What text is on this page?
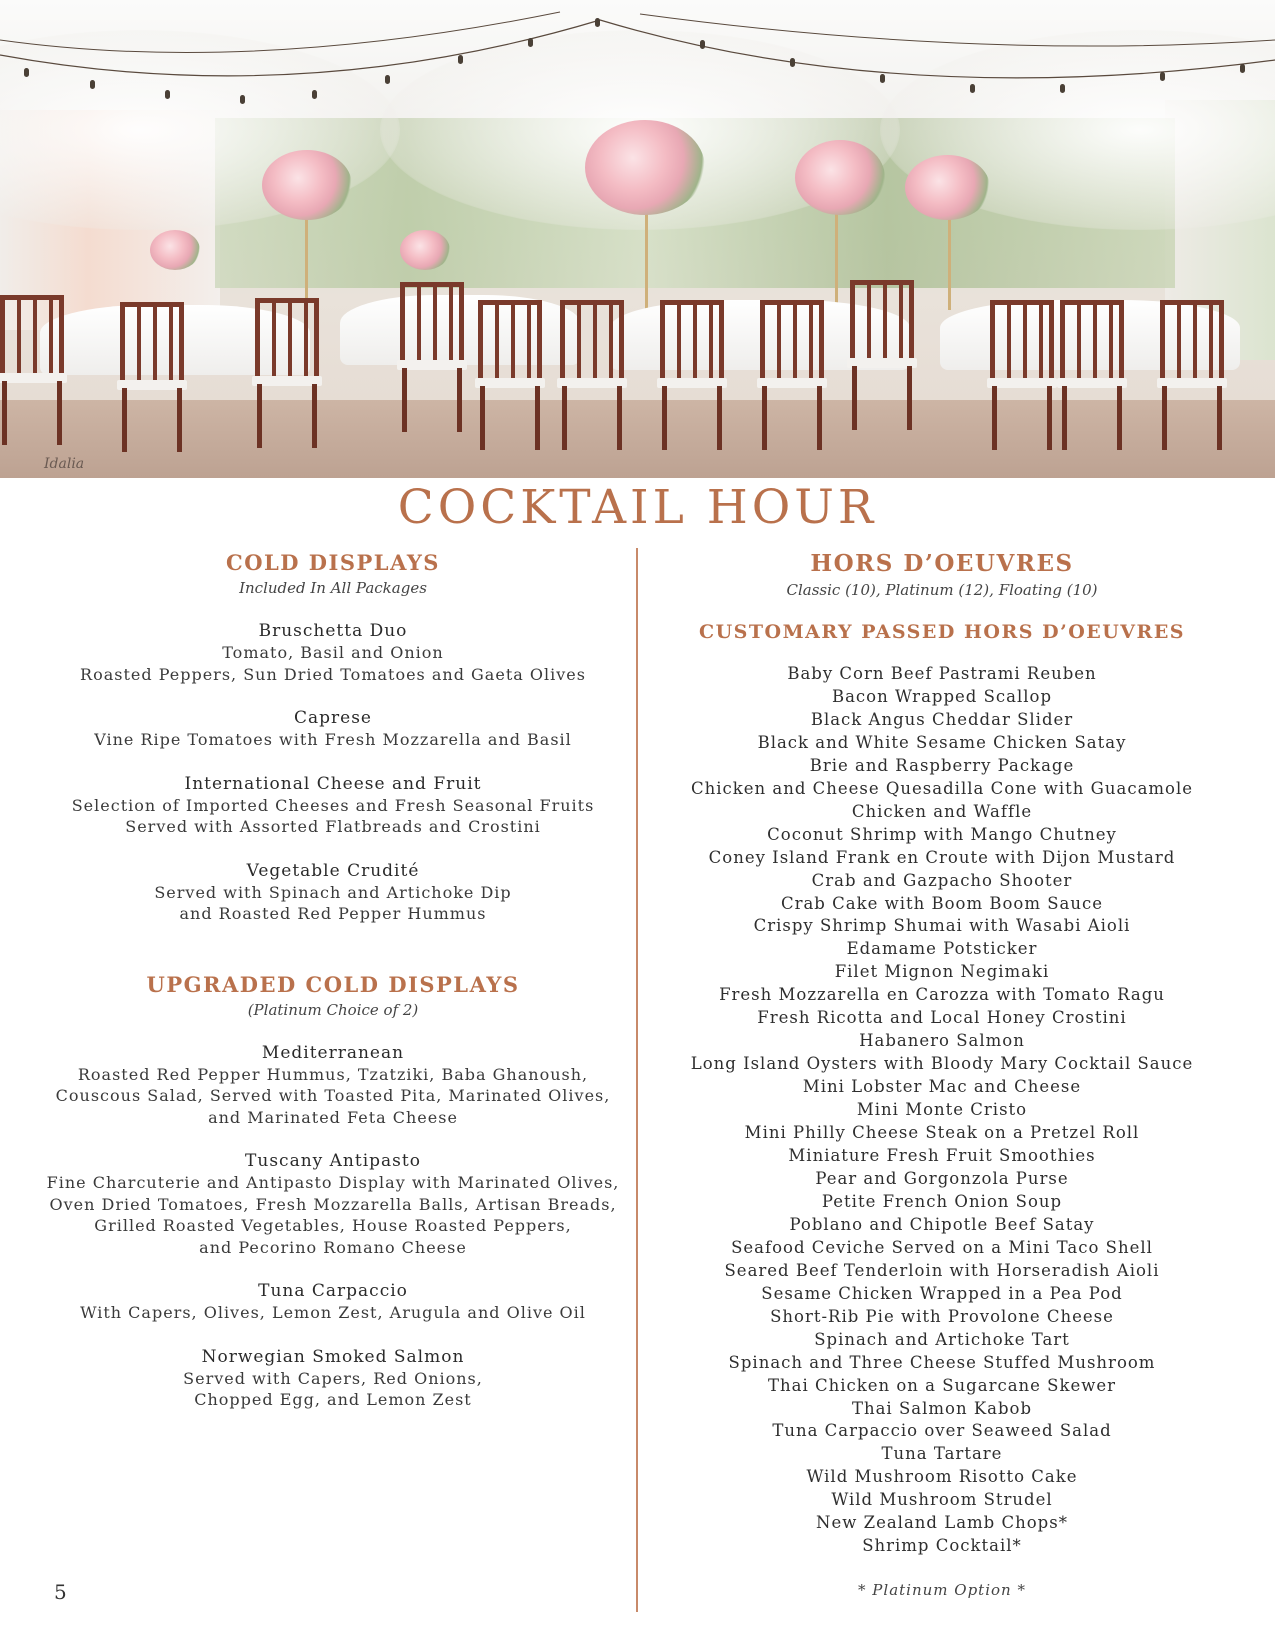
Idalia
COCKTAIL HOUR

COLD DISPLAYS

Included In All Packages

Bruschetta Duo

Tomato, Basil and Onion

Roasted Peppers, Sun Dried Tomatoes and Gaeta Olives

Caprese

Vine Ripe Tomatoes with Fresh Mozzarella and Basil

International Cheese and Fruit

Selection of Imported Cheeses and Fresh Seasonal Fruits

Served with Assorted Flatbreads and Crostini

Vegetable Crudité

Served with Spinach and Artichoke Dip

and Roasted Red Pepper Hummus

UPGRADED COLD DISPLAYS

(Platinum Choice of 2)

Mediterranean

Roasted Red Pepper Hummus, Tzatziki, Baba Ghanoush,

Couscous Salad, Served with Toasted Pita, Marinated Olives,

and Marinated Feta Cheese

Tuscany Antipasto

Fine Charcuterie and Antipasto Display with Marinated Olives,

Oven Dried Tomatoes, Fresh Mozzarella Balls, Artisan Breads,

Grilled Roasted Vegetables, House Roasted Peppers,

and Pecorino Romano Cheese

Tuna Carpaccio

With Capers, Olives, Lemon Zest, Arugula and Olive Oil

Norwegian Smoked Salmon

Served with Capers, Red Onions,

Chopped Egg, and Lemon Zest

HORS D’OEUVRES

Classic (10), Platinum (12), Floating (10)

CUSTOMARY PASSED HORS D’OEUVRES

Baby Corn Beef Pastrami Reuben
Bacon Wrapped Scallop
Black Angus Cheddar Slider
Black and White Sesame Chicken Satay
Brie and Raspberry Package
Chicken and Cheese Quesadilla Cone with Guacamole
Chicken and Waffle
Coconut Shrimp with Mango Chutney
Coney Island Frank en Croute with Dijon Mustard
Crab and Gazpacho Shooter
Crab Cake with Boom Boom Sauce
Crispy Shrimp Shumai with Wasabi Aioli
Edamame Potsticker
Filet Mignon Negimaki
Fresh Mozzarella en Carozza with Tomato Ragu
Fresh Ricotta and Local Honey Crostini
Habanero Salmon
Long Island Oysters with Bloody Mary Cocktail Sauce
Mini Lobster Mac and Cheese
Mini Monte Cristo
Mini Philly Cheese Steak on a Pretzel Roll
Miniature Fresh Fruit Smoothies
Pear and Gorgonzola Purse
Petite French Onion Soup
Poblano and Chipotle Beef Satay
Seafood Ceviche Served on a Mini Taco Shell
Seared Beef Tenderloin with Horseradish Aioli
Sesame Chicken Wrapped in a Pea Pod
Short-Rib Pie with Provolone Cheese
Spinach and Artichoke Tart
Spinach and Three Cheese Stuffed Mushroom
Thai Chicken on a Sugarcane Skewer
Thai Salmon Kabob
Tuna Carpaccio over Seaweed Salad
Tuna Tartare
Wild Mushroom Risotto Cake
Wild Mushroom Strudel
New Zealand Lamb Chops*
Shrimp Cocktail*
5	* Platinum Option *
